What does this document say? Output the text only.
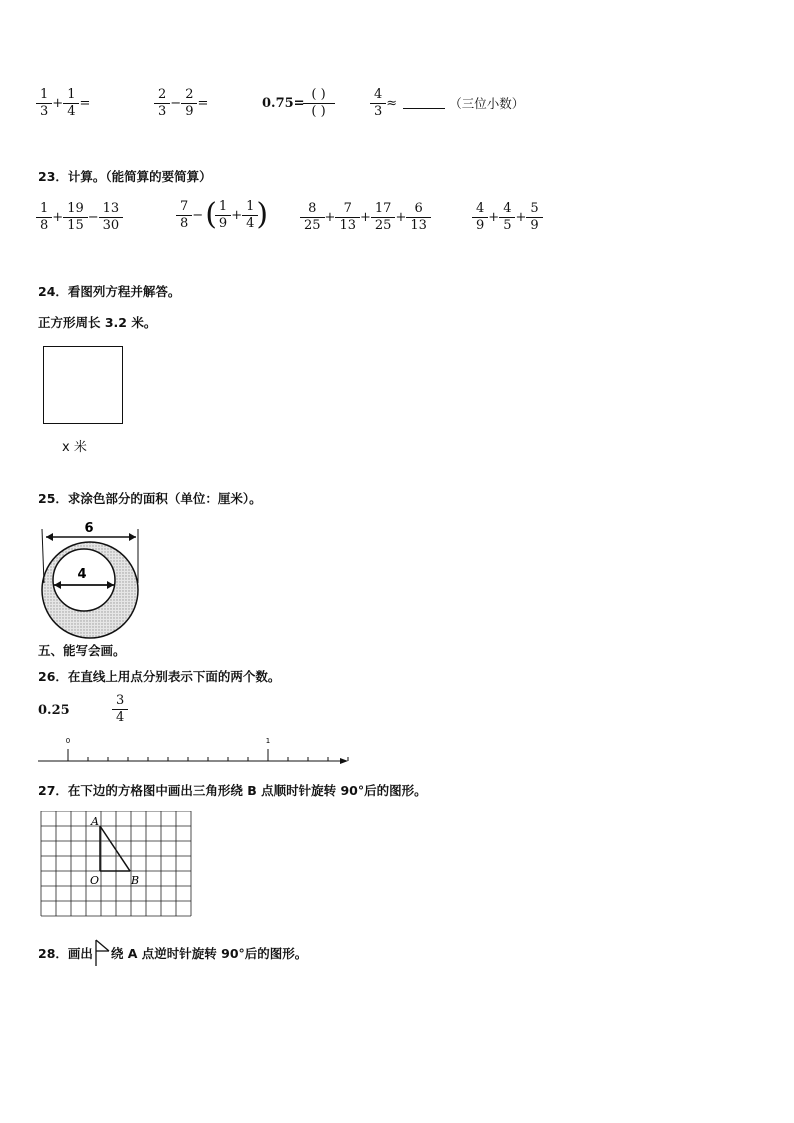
$\frac{1}{3} + \frac{1}{4}$ =	$\frac{2}{3} - \frac{2}{9}$ =	$0.75= \frac{( )}{( )}$	$\frac{4}{3}$ ≈	（三位小数）
23．计算。（能简算的要简算）
$\frac{1}{8} + \frac{19}{15} - \frac{13}{30}$	$\frac{7}{8}$ − ( $\frac{1}{9} + \frac{1}{4}$ )	$\frac{8}{25} + \frac{7}{13} + \frac{17}{25} + \frac{6}{13}$	$\frac{4}{9} + \frac{4}{5} + \frac{5}{9}$
24．看图列方程并解答。
正方形周长 3.2 米。
x 米
25．求涂色部分的面积（单位：厘米）。
6
4
五、能写会画。
26．在直线上用点分别表示下面的两个数。
0.25	$\frac{3}{4}$
0	1
27．在下边的方格图中画出三角形绕 B 点顺时针旋转 90°后的图形。
A
O	B
28．画出 绕 A 点逆时针旋转 90°后的图形。
